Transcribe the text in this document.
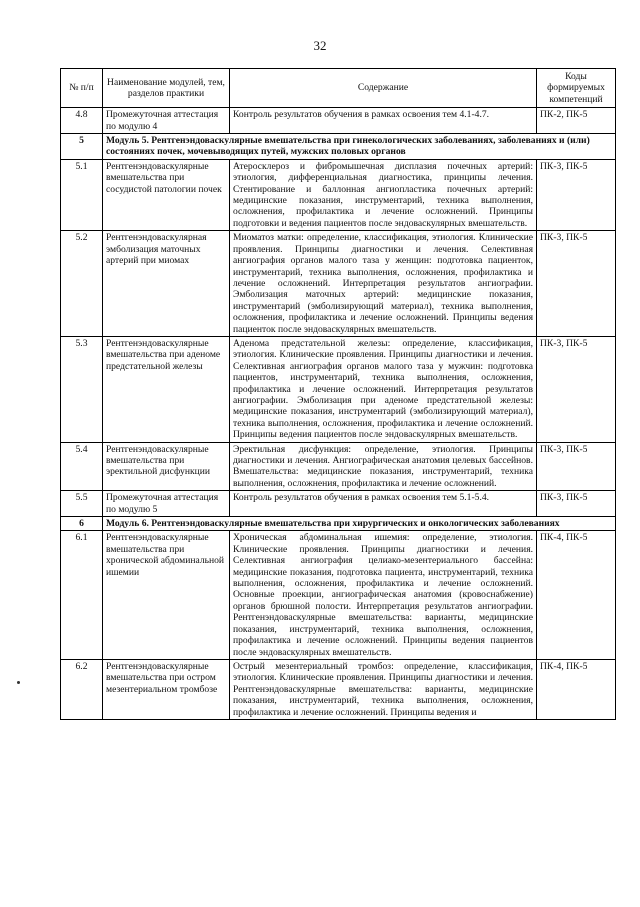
32
№ п/п	Наименование модулей, тем, разделов практики	Содержание	Коды формируемых компетенций
4.8	Промежуточная аттестация по модулю 4	Контроль результатов обучения в рамках освоения тем 4.1-4.7.	ПК-2, ПК-5
5	Модуль 5. Рентгенэндоваскулярные вмешательства при гинекологических заболеваниях, заболеваниях и (или) состояниях почек, мочевыводящих путей, мужских половых органов		
5.1	Рентгенэндоваскулярные вмешательства при сосудистой патологии почек	Атеросклероз и фибромышечная дисплазия почечных артерий: этиология, дифференциальная диагностика, принципы лечения. Стентирование и баллонная ангиопластика почечных артерий: медицинские показания, инструментарий, техника выполнения, осложнения, профилактика и лечение осложнений. Принципы подготовки и ведения пациентов после эндоваскулярных вмешательств.	ПК-3, ПК-5
5.2	Рентгенэндоваскулярная эмболизация маточных артерий при миомах	Миоматоз матки: определение, классификация, этиология. Клинические проявления. Принципы диагностики и лечения. Селективная ангиография органов малого таза у женщин: подготовка пациенток, инструментарий, техника выполнения, осложнения, профилактика и лечение осложнений. Интерпретация результатов ангиографии. Эмболизация маточных артерий: медицинские показания, инструментарий (эмболизирующий материал), техника выполнения, осложнения, профилактика и лечение осложнений. Принципы ведения пациенток после эндоваскулярных вмешательств.	ПК-3, ПК-5
5.3	Рентгенэндоваскулярные вмешательства при аденоме предстательной железы	Аденома предстательной железы: определение, классификация, этиология. Клинические проявления. Принципы диагностики и лечения. Селективная ангиография органов малого таза у мужчин: подготовка пациентов, инструментарий, техника выполнения, осложнения, профилактика и лечение осложнений. Интерпретация результатов ангиографии. Эмболизация при аденоме предстательной железы: медицинские показания, инструментарий (эмболизирующий материал), техника выполнения, осложнения, профилактика и лечение осложнений. Принципы ведения пациентов после эндоваскулярных вмешательств.	ПК-3, ПК-5
5.4	Рентгенэндоваскулярные вмешательства при эректильной дисфункции	Эректильная дисфункция: определение, этиология. Принципы диагностики и лечения. Ангиографическая анатомия целевых бассейнов. Вмешательства: медицинские показания, инструментарий, техника выполнения, осложнения, профилактика и лечение осложнений.	ПК-3, ПК-5
5.5	Промежуточная аттестация по модулю 5	Контроль результатов обучения в рамках освоения тем 5.1-5.4.	ПК-3, ПК-5
6	Модуль 6. Рентгенэндоваскулярные вмешательства при хирургических и онкологических заболеваниях		
6.1	Рентгенэндоваскулярные вмешательства при хронической абдоминальной ишемии	Хроническая абдоминальная ишемия: определение, этиология. Клинические проявления. Принципы диагностики и лечения. Селективная ангиография целиако-мезентериального бассейна: медицинские показания, подготовка пациента, инструментарий, техника выполнения, осложнения, профилактика и лечение осложнений. Основные проекции, ангиографическая анатомия (кровоснабжение) органов брюшной полости. Интерпретация результатов ангиографии. Рентгенэндоваскулярные вмешательства: варианты, медицинские показания, инструментарий, техника выполнения, осложнения, профилактика и лечение осложнений. Принципы ведения пациентов после эндоваскулярных вмешательств.	ПК-4, ПК-5
6.2	Рентгенэндоваскулярные вмешательства при остром мезентериальном тромбозе	Острый мезентериальный тромбоз: определение, классификация, этиология. Клинические проявления. Принципы диагностики и лечения. Рентгенэндоваскулярные вмешательства: варианты, медицинские показания, инструментарий, техника выполнения, осложнения, профилактика и лечение осложнений. Принципы ведения и	ПК-4, ПК-5
